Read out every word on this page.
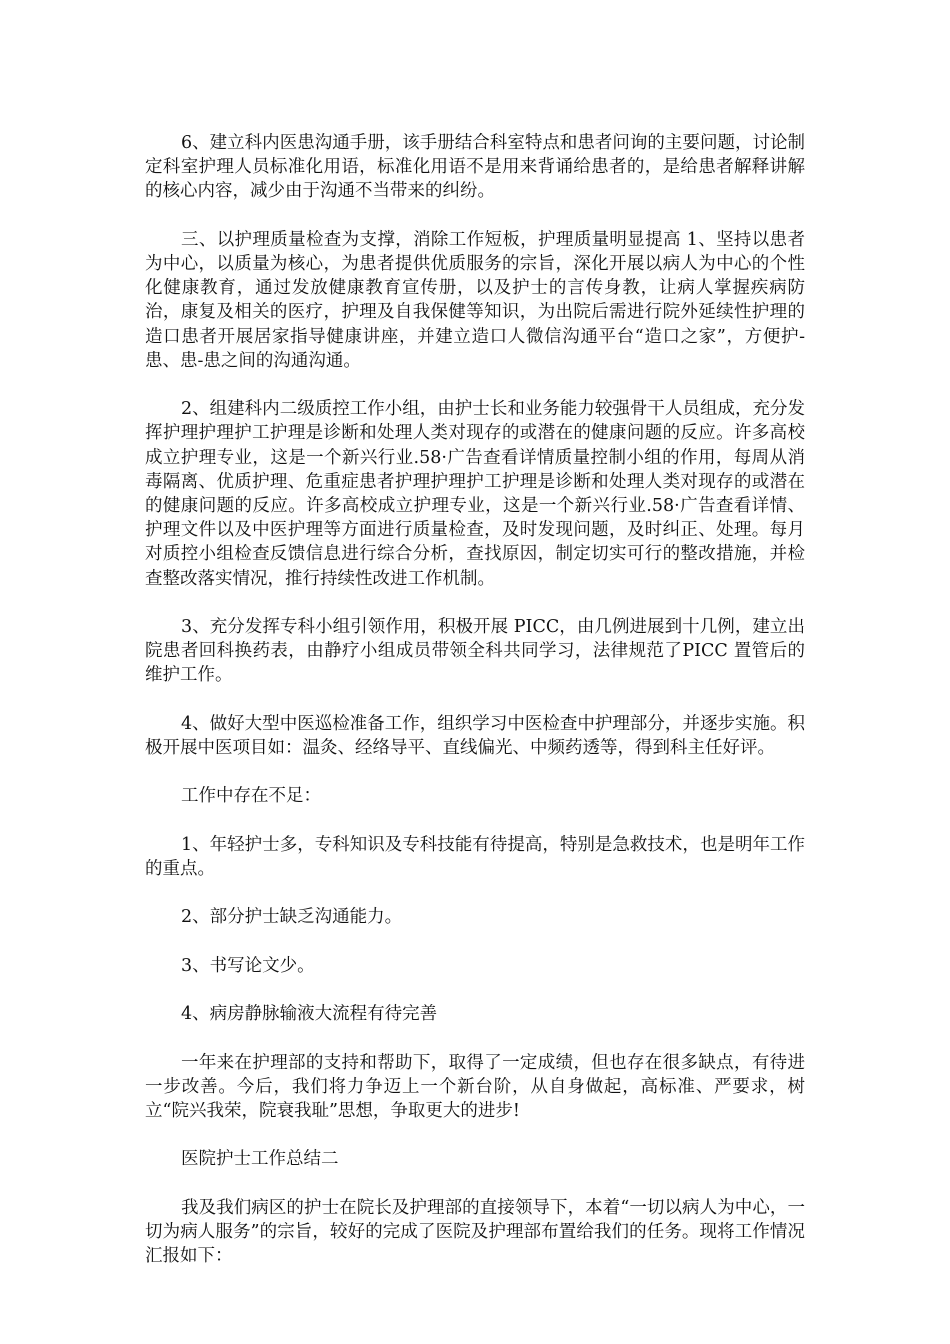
6、建立科内医患沟通手册，该手册结合科室特点和患者问询的主要问题，讨论制定科室护理人员标准化用语，标准化用语不是用来背诵给患者的，是给患者解释讲解的核心内容，减少由于沟通不当带来的纠纷。

三、以护理质量检查为支撑，消除工作短板，护理质量明显提高 1、坚持以患者为中心，以质量为核心，为患者提供优质服务的宗旨，深化开展以病人为中心的个性化健康教育，通过发放健康教育宣传册，以及护士的言传身教，让病人掌握疾病防治，康复及相关的医疗，护理及自我保健等知识，为出院后需进行院外延续性护理的造口患者开展居家指导健康讲座，并建立造口人微信沟通平台“造口之家”，方便护-患、患-患之间的沟通沟通。

2、组建科内二级质控工作小组，由护士长和业务能力较强骨干人员组成，充分发挥护理护理护工护理是诊断和处理人类对现存的或潜在的健康问题的反应。许多高校成立护理专业，这是一个新兴行业.58·广告查看详情质量控制小组的作用，每周从消毒隔离、优质护理、危重症患者护理护理护工护理是诊断和处理人类对现存的或潜在的健康问题的反应。许多高校成立护理专业，这是一个新兴行业.58·广告查看详情、护理文件以及中医护理等方面进行质量检查，及时发现问题，及时纠正、处理。每月对质控小组检查反馈信息进行综合分析，查找原因，制定切实可行的整改措施，并检查整改落实情况，推行持续性改进工作机制。

3、充分发挥专科小组引领作用，积极开展 PICC，由几例进展到十几例，建立出院患者回科换药表，由静疗小组成员带领全科共同学习，法律规范了PICC 置管后的维护工作。

4、做好大型中医巡检准备工作，组织学习中医检查中护理部分，并逐步实施。积极开展中医项目如：温灸、经络导平、直线偏光、中频药透等，得到科主任好评。

工作中存在不足：

1、年轻护士多，专科知识及专科技能有待提高，特别是急救技术，也是明年工作的重点。

2、部分护士缺乏沟通能力。

3、书写论文少。

4、病房静脉输液大流程有待完善

一年来在护理部的支持和帮助下，取得了一定成绩，但也存在很多缺点，有待进一步改善。今后，我们将力争迈上一个新台阶，从自身做起，高标准、严要求，树立“院兴我荣，院衰我耻”思想，争取更大的进步!

医院护士工作总结二

我及我们病区的护士在院长及护理部的直接领导下，本着“一切以病人为中心，一切为病人服务”的宗旨，较好的完成了医院及护理部布置给我们的任务。现将工作情况汇报如下：
